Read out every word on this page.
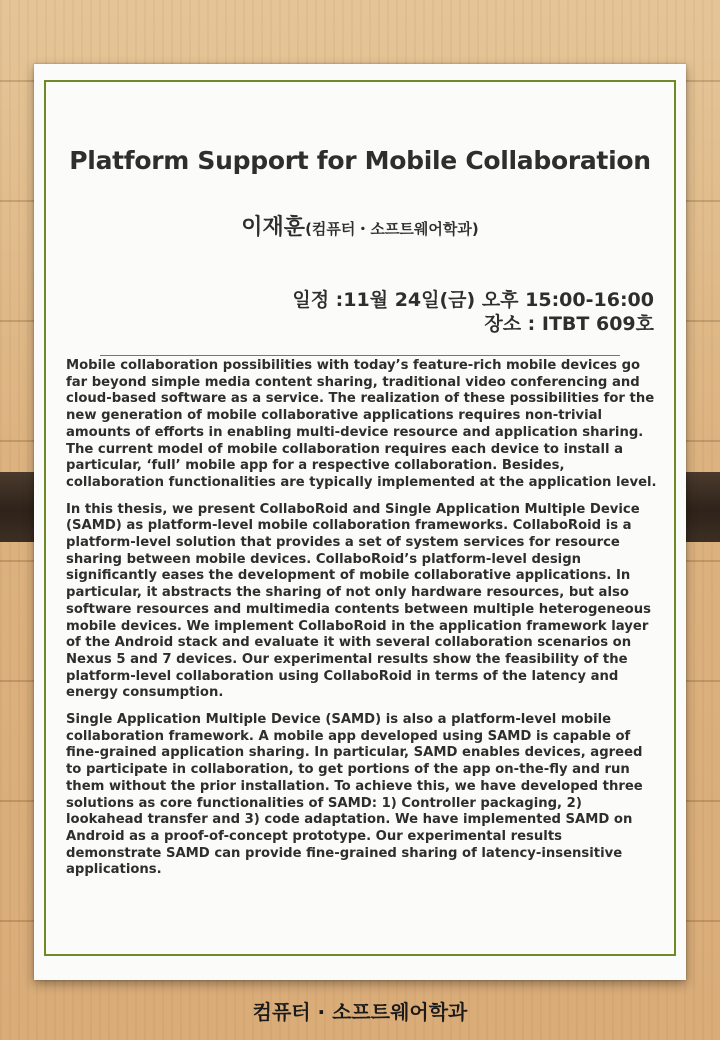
Platform Support for Mobile Collaboration
이재훈(컴퓨터・소프트웨어학과)
일정 :11월 24일(금) 오후 15:00-16:00
장소 : ITBT 609호

Mobile collaboration possibilities with today’s feature-rich mobile devices go far beyond simple media content sharing, traditional video conferencing and cloud-based software as a service. The realization of these possibilities for the new generation of mobile collaborative applications requires non-trivial amounts of efforts in enabling multi-device resource and application sharing. The current model of mobile collaboration requires each device to install a particular, ‘full’ mobile app for a respective collaboration. Besides, collaboration functionalities are typically implemented at the application level.

In this thesis, we present CollaboRoid and Single Application Multiple Device (SAMD) as platform-level mobile collaboration frameworks. CollaboRoid is a platform-level solution that provides a set of system services for resource sharing between mobile devices. CollaboRoid’s platform-level design significantly eases the development of mobile collaborative applications. In particular, it abstracts the sharing of not only hardware resources, but also software resources and multimedia contents between multiple heterogeneous mobile devices. We implement CollaboRoid in the application framework layer of the Android stack and evaluate it with several collaboration scenarios on Nexus 5 and 7 devices. Our experimental results show the feasibility of the platform-level collaboration using CollaboRoid in terms of the latency and energy consumption.

Single Application Multiple Device (SAMD) is also a platform-level mobile collaboration framework. A mobile app developed using SAMD is capable of fine-grained application sharing. In particular, SAMD enables devices, agreed to participate in collaboration, to get portions of the app on-the-fly and run them without the prior installation. To achieve this, we have developed three solutions as core functionalities of SAMD: 1) Controller packaging, 2) lookahead transfer and 3) code adaptation. We have implemented SAMD on Android as a proof-of-concept prototype. Our experimental results demonstrate SAMD can provide fine-grained sharing of latency-insensitive applications.

컴퓨터 · 소프트웨어학과
